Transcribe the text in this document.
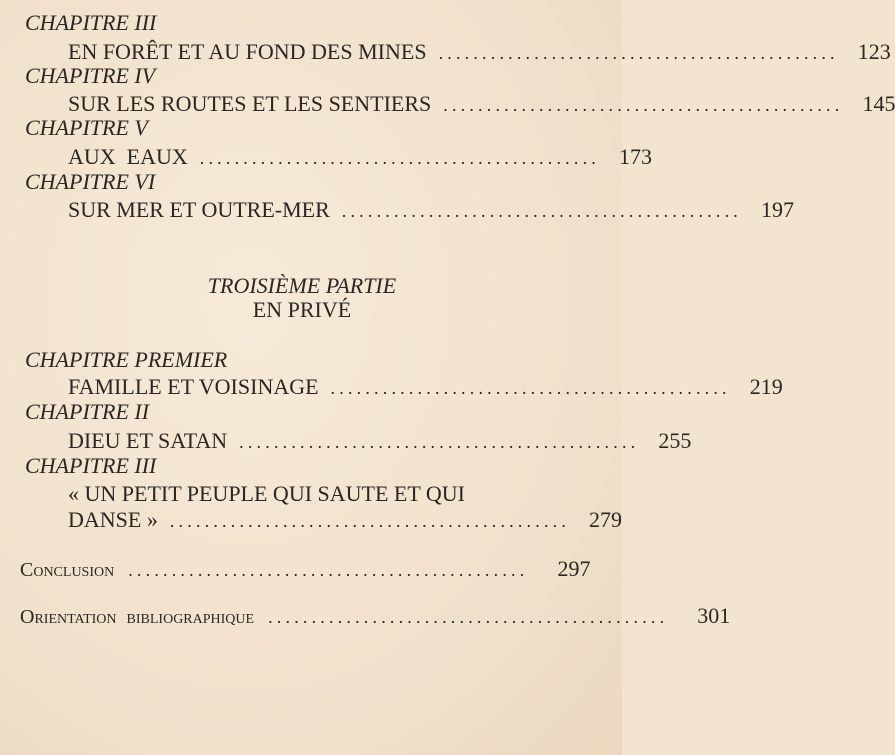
CHAPITRE III
EN FORÊT ET AU FOND DES MINES .............................................. 123
CHAPITRE IV
SUR LES ROUTES ET LES SENTIERS .............................................. 145
CHAPITRE V
AUX  EAUX .............................................. 173
CHAPITRE VI
SUR MER ET OUTRE-MER .............................................. 197
TROISIÈME PARTIE
EN PRIVÉ
CHAPITRE PREMIER
FAMILLE ET VOISINAGE .............................................. 219
CHAPITRE II
DIEU ET SATAN .............................................. 255
CHAPITRE III
« UN PETIT PEUPLE QUI SAUTE ET QUI
DANSE » .............................................. 279
Conclusion ..............................................	297
Orientation  bibliographique ..............................................	301
